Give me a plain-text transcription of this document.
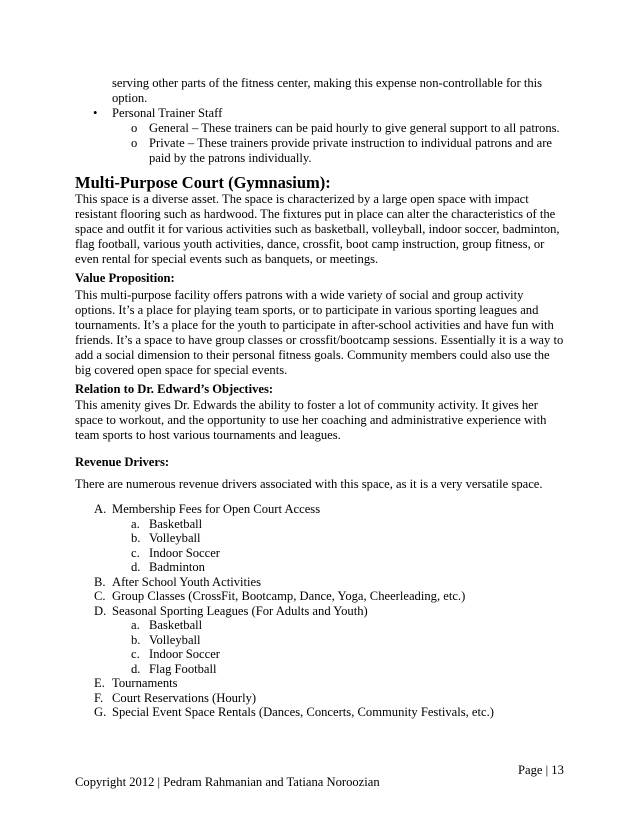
serving other parts of the fitness center, making this expense non-controllable for this
option.
• Personal Trainer Staff
o General – These trainers can be paid hourly to give general support to all patrons.
o Private – These trainers provide private instruction to individual patrons and are
paid by the patrons individually.
Multi-Purpose Court (Gymnasium):
This space is a diverse asset. The space is characterized by a large open space with impact
resistant flooring such as hardwood. The fixtures put in place can alter the characteristics of the
space and outfit it for various activities such as basketball, volleyball, indoor soccer, badminton,
flag football, various youth activities, dance, crossfit, boot camp instruction, group fitness, or
even rental for special events such as banquets, or meetings.
Value Proposition:
This multi-purpose facility offers patrons with a wide variety of social and group activity
options. It’s a place for playing team sports, or to participate in various sporting leagues and
tournaments. It’s a place for the youth to participate in after-school activities and have fun with
friends. It’s a space to have group classes or crossfit/bootcamp sessions. Essentially it is a way to
add a social dimension to their personal fitness goals. Community members could also use the
big covered open space for special events.
Relation to Dr. Edward’s Objectives:
This amenity gives Dr. Edwards the ability to foster a lot of community activity. It gives her
space to workout, and the opportunity to use her coaching and administrative experience with
team sports to host various tournaments and leagues.
Revenue Drivers:
There are numerous revenue drivers associated with this space, as it is a very versatile space.
A. Membership Fees for Open Court Access
a. Basketball
b. Volleyball
c. Indoor Soccer
d. Badminton
B. After School Youth Activities
C. Group Classes (CrossFit, Bootcamp, Dance, Yoga, Cheerleading, etc.)
D. Seasonal Sporting Leagues (For Adults and Youth)
a. Basketball
b. Volleyball
c. Indoor Soccer
d. Flag Football
E. Tournaments
F. Court Reservations (Hourly)
G. Special Event Space Rentals (Dances, Concerts, Community Festivals, etc.)
Page | 13
Copyright 2012 | Pedram Rahmanian and Tatiana Noroozian
